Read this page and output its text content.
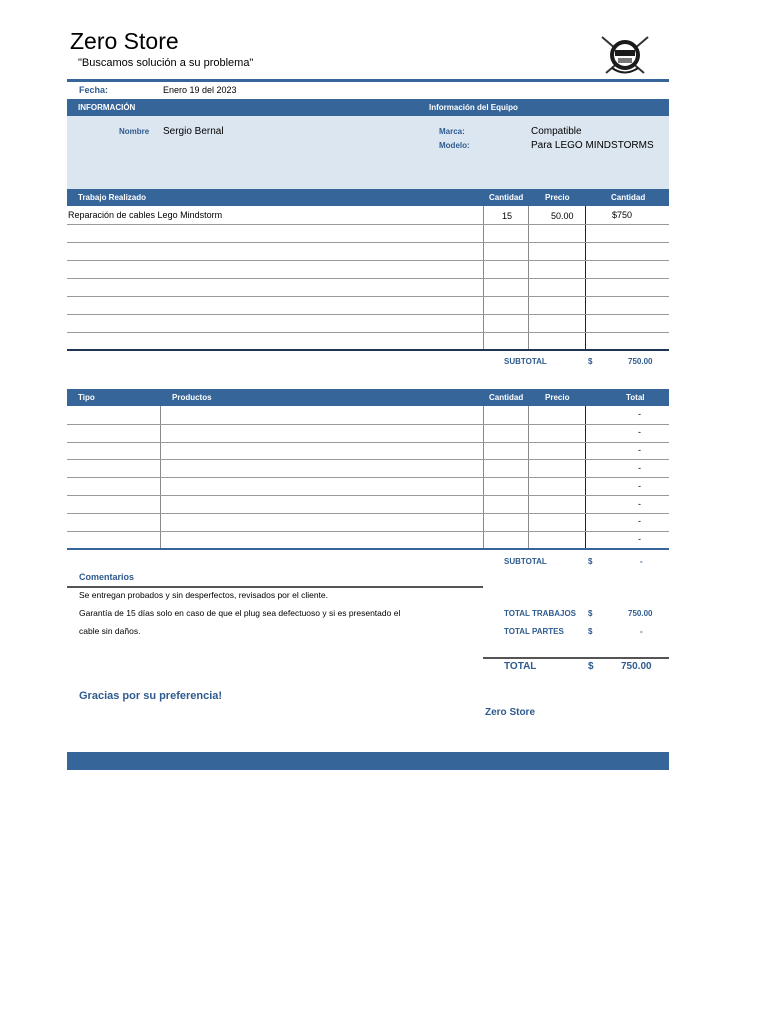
Zero Store
"Buscamos solución a su problema"
Fecha:	Enero 19 del 2023
INFORMACIÓN	Información del Equipo
Nombre Sergio Bernal	Marca:	Compatible
Modelo:	Para LEGO MINDSTORMS
Trabajo Realizado	Cantidad	Precio	Cantidad
Reparación de cables Lego Mindstorm	15	50.00	$750
SUBTOTAL	$	750.00
Tipo	Productos	Cantidad	Precio	Total
-
-
-
-
-
-
-
-
SUBTOTAL	$	-
Comentarios
Se entregan probados y sin desperfectos, revisados por el cliente.
Garantía de 15 días solo en caso de que el plug sea defectuoso y si es presentado el
cable sin daños.
TOTAL TRABAJOS $	750.00
TOTAL PARTES	$	-
TOTAL	$	750.00
Gracias por su preferencia!
Zero Store
